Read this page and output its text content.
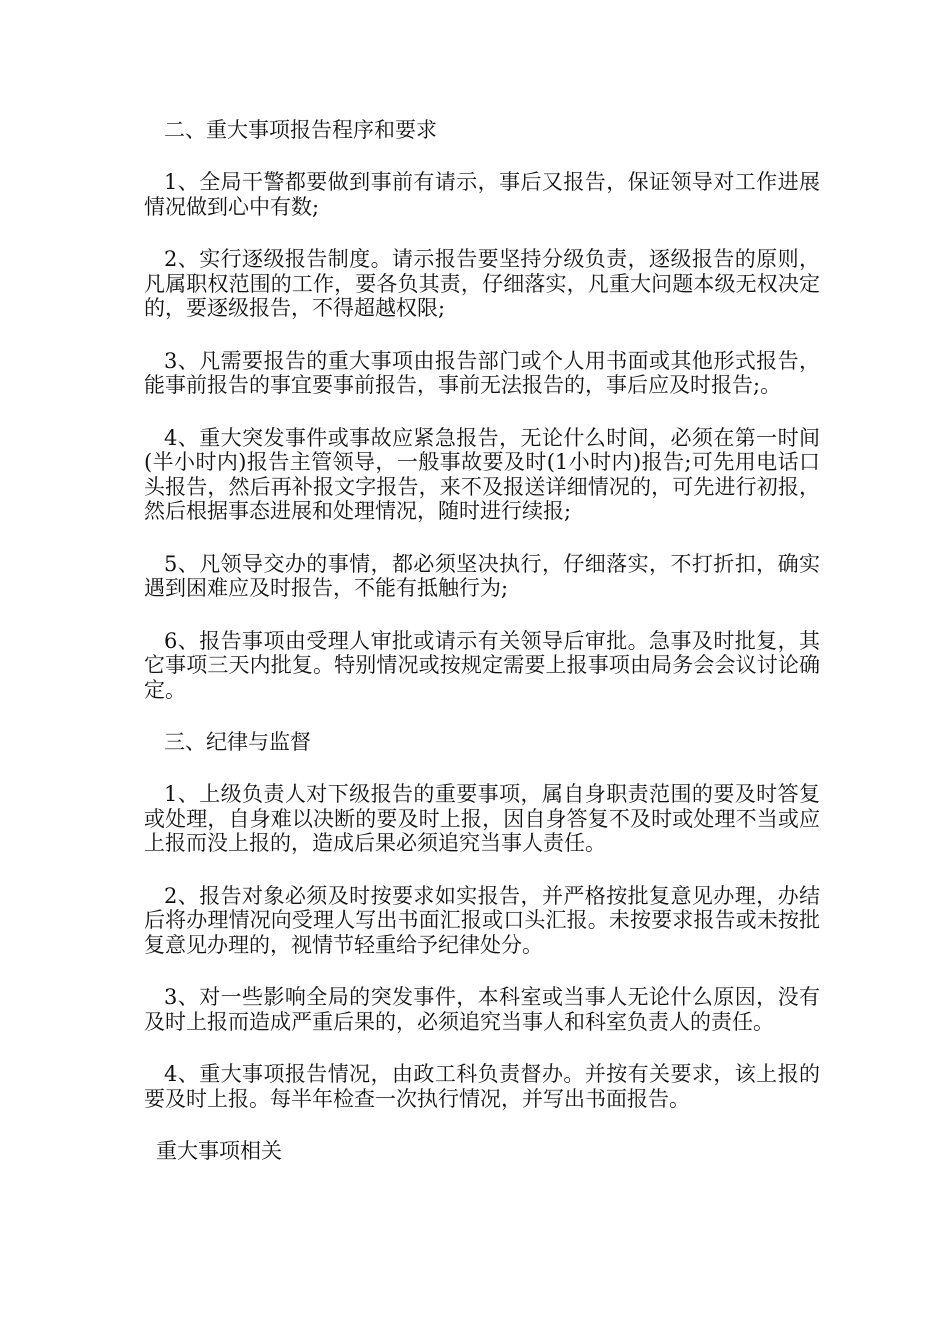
二、重大事项报告程序和要求

1、全局干警都要做到事前有请示，事后又报告，保证领导对工作进展情况做到心中有数;

2、实行逐级报告制度。请示报告要坚持分级负责，逐级报告的原则，凡属职权范围的工作，要各负其责，仔细落实，凡重大问题本级无权决定的，要逐级报告，不得超越权限;

3、凡需要报告的重大事项由报告部门或个人用书面或其他形式报告，能事前报告的事宜要事前报告，事前无法报告的，事后应及时报告;。

4、重大突发事件或事故应紧急报告，无论什么时间，必须在第一时间(半小时内)报告主管领导，一般事故要及时(1小时内)报告;可先用电话口头报告，然后再补报文字报告，来不及报送详细情况的，可先进行初报，然后根据事态进展和处理情况，随时进行续报;

5、凡领导交办的事情，都必须坚决执行，仔细落实，不打折扣，确实遇到困难应及时报告，不能有抵触行为;

6、报告事项由受理人审批或请示有关领导后审批。急事及时批复，其它事项三天内批复。特别情况或按规定需要上报事项由局务会会议讨论确定。

三、纪律与监督

1、上级负责人对下级报告的重要事项，属自身职责范围的要及时答复或处理，自身难以决断的要及时上报，因自身答复不及时或处理不当或应上报而没上报的，造成后果必须追究当事人责任。

2、报告对象必须及时按要求如实报告，并严格按批复意见办理，办结后将办理情况向受理人写出书面汇报或口头汇报。未按要求报告或未按批复意见办理的，视情节轻重给予纪律处分。

3、对一些影响全局的突发事件，本科室或当事人无论什么原因，没有及时上报而造成严重后果的，必须追究当事人和科室负责人的责任。

4、重大事项报告情况，由政工科负责督办。并按有关要求，该上报的要及时上报。每半年检查一次执行情况，并写出书面报告。

重大事项相关
